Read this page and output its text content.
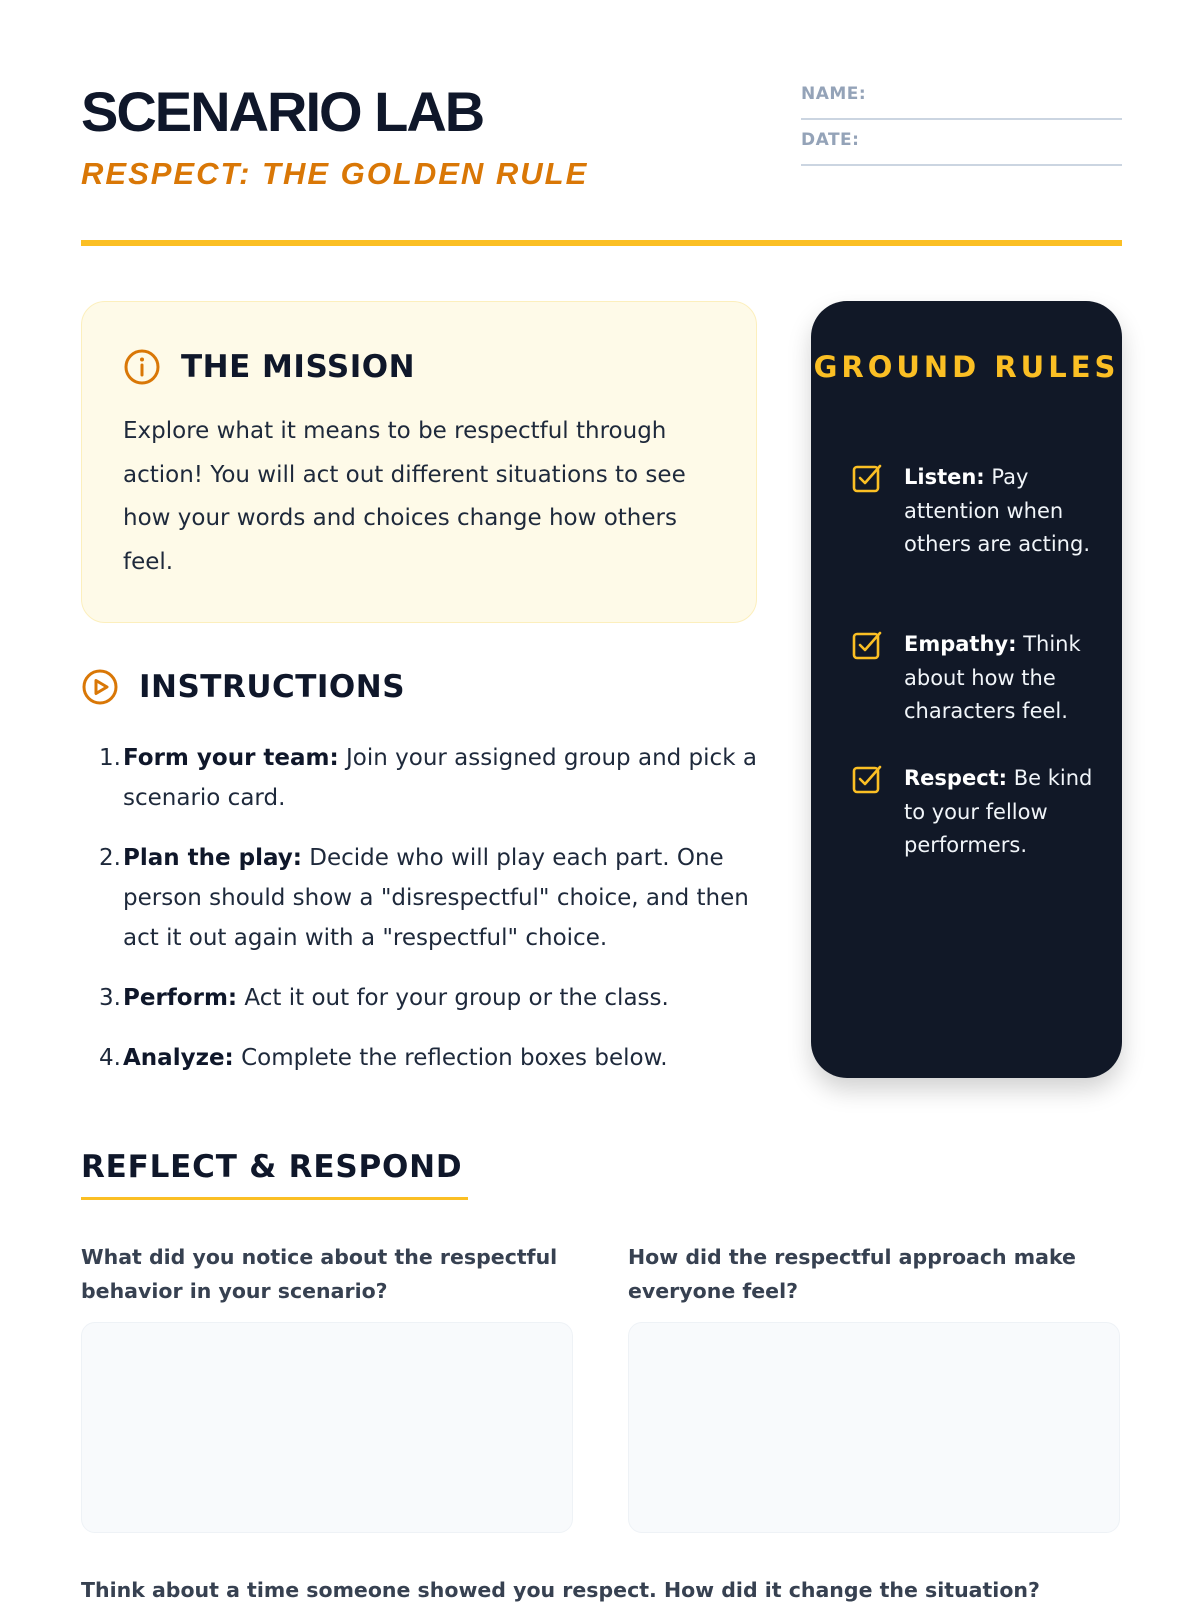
SCENARIO LAB
RESPECT: THE GOLDEN RULE
NAME:
DATE:
THE MISSION

Explore what it means to be respectful through action! You will act out different situations to see how your words and choices change how others feel.

INSTRUCTIONS
1. Form your team: Join your assigned group and pick a scenario card.
2. Plan the play: Decide who will play each part. One person should show a "disrespectful" choice, and then act it out again with a "respectful" choice.
3. Perform: Act it out for your group or the class.
4. Analyze: Complete the reflection boxes below.
GROUND RULES
Listen: Pay attention when others are acting.
Empathy: Think about how the characters feel.
Respect: Be kind to your fellow performers.
REFLECT & RESPOND

What did you notice about the respectful behavior in your scenario?

How did the respectful approach make everyone feel?

Think about a time someone showed you respect. How did it change the situation?
